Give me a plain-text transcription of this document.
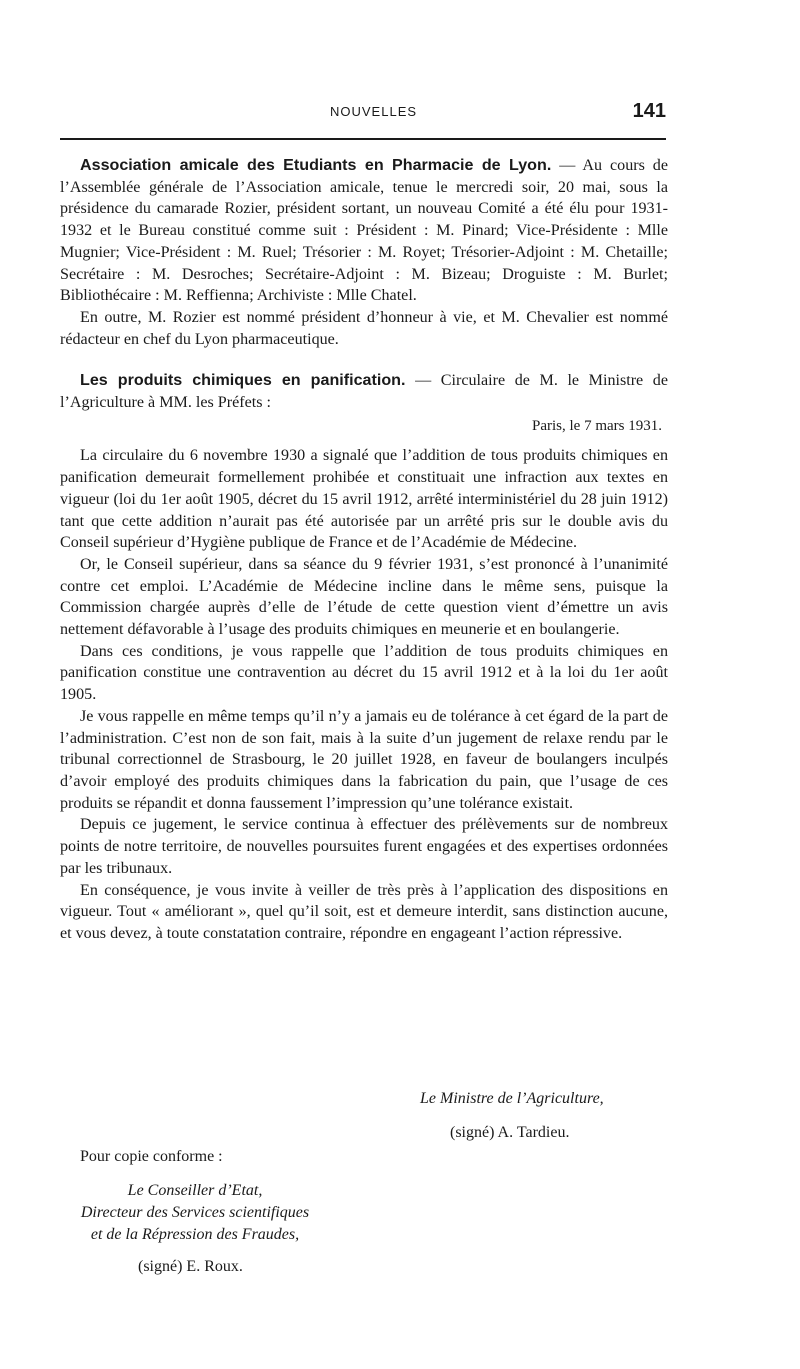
NOUVELLES	141

Association amicale des Etudiants en Pharmacie de Lyon. — Au cours de l’Assemblée générale de l’Association amicale, tenue le mercredi soir, 20 mai, sous la présidence du camarade Rozier, président sortant, un nouveau Comité a été élu pour 1931-1932 et le Bureau constitué comme suit : Président : M. Pinard; Vice-Présidente : Mlle Mugnier; Vice-Président : M. Ruel; Trésorier : M. Royet; Trésorier-Adjoint : M. Chetaille; Secrétaire : M. Desroches; Secrétaire-Adjoint : M. Bizeau; Droguiste : M. Burlet; Bibliothécaire : M. Reffienna; Archiviste : Mlle Chatel.

En outre, M. Rozier est nommé président d’honneur à vie, et M. Chevalier est nommé rédacteur en chef du Lyon pharmaceutique.

Les produits chimiques en panification. — Circulaire de M. le Ministre de l’Agriculture à MM. les Préfets :

Paris, le 7 mars 1931.

La circulaire du 6 novembre 1930 a signalé que l’addition de tous produits chimiques en panification demeurait formellement prohibée et constituait une infraction aux textes en vigueur (loi du 1er août 1905, décret du 15 avril 1912, arrêté interministériel du 28 juin 1912) tant que cette addition n’aurait pas été autorisée par un arrêté pris sur le double avis du Conseil supérieur d’Hygiène publique de France et de l’Académie de Médecine.

Or, le Conseil supérieur, dans sa séance du 9 février 1931, s’est prononcé à l’unanimité contre cet emploi. L’Académie de Médecine incline dans le même sens, puisque la Commission chargée auprès d’elle de l’étude de cette question vient d’émettre un avis nettement défavorable à l’usage des produits chimiques en meunerie et en boulangerie.

Dans ces conditions, je vous rappelle que l’addition de tous produits chimiques en panification constitue une contravention au décret du 15 avril 1912 et à la loi du 1er août 1905.

Je vous rappelle en même temps qu’il n’y a jamais eu de tolérance à cet égard de la part de l’administration. C’est non de son fait, mais à la suite d’un jugement de relaxe rendu par le tribunal correctionnel de Strasbourg, le 20 juillet 1928, en faveur de boulangers inculpés d’avoir employé des produits chimiques dans la fabrication du pain, que l’usage de ces produits se répandit et donna faussement l’impression qu’une tolérance existait.

Depuis ce jugement, le service continua à effectuer des prélèvements sur de nombreux points de notre territoire, de nouvelles poursuites furent engagées et des expertises ordonnées par les tribunaux.

En conséquence, je vous invite à veiller de très près à l’application des dispositions en vigueur. Tout « améliorant », quel qu’il soit, est et demeure interdit, sans distinction aucune, et vous devez, à toute constatation contraire, répondre en engageant l’action répressive.

Le Ministre de l’Agriculture,
(signé) A. Tardieu.
Pour copie conforme :
Le Conseiller d’Etat,
Directeur des Services scientifiques
et de la Répression des Fraudes,
(signé) E. Roux.
